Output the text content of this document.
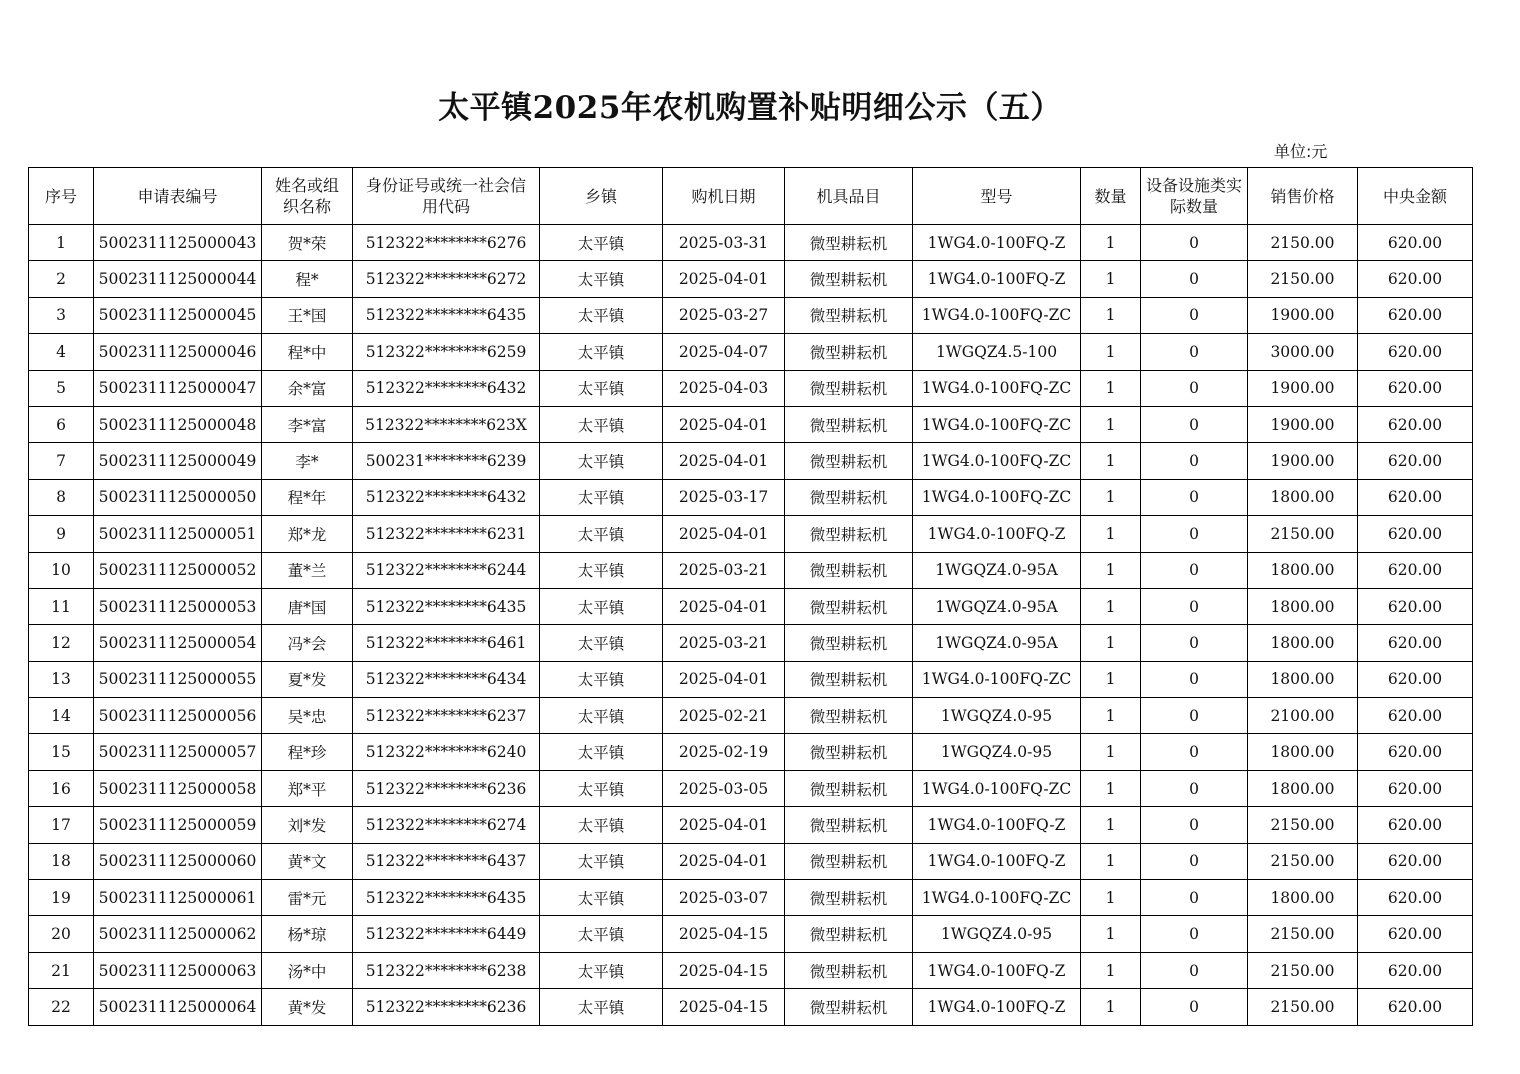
太平镇2025年农机购置补贴明细公示（五）
单位:元
序号	申请表编号	姓名或组织名称	身份证号或统一社会信用代码	乡镇	购机日期	机具品目	型号	数量	设备设施类实际数量	销售价格	中央金额
1	5002311125000043	贺*荣	512322********6276	太平镇	2025-03-31	微型耕耘机	1WG4.0-100FQ-Z	1	0	2150.00	620.00
2	5002311125000044	程*	512322********6272	太平镇	2025-04-01	微型耕耘机	1WG4.0-100FQ-Z	1	0	2150.00	620.00
3	5002311125000045	王*国	512322********6435	太平镇	2025-03-27	微型耕耘机	1WG4.0-100FQ-ZC	1	0	1900.00	620.00
4	5002311125000046	程*中	512322********6259	太平镇	2025-04-07	微型耕耘机	1WGQZ4.5-100	1	0	3000.00	620.00
5	5002311125000047	余*富	512322********6432	太平镇	2025-04-03	微型耕耘机	1WG4.0-100FQ-ZC	1	0	1900.00	620.00
6	5002311125000048	李*富	512322********623X	太平镇	2025-04-01	微型耕耘机	1WG4.0-100FQ-ZC	1	0	1900.00	620.00
7	5002311125000049	李*	500231********6239	太平镇	2025-04-01	微型耕耘机	1WG4.0-100FQ-ZC	1	0	1900.00	620.00
8	5002311125000050	程*年	512322********6432	太平镇	2025-03-17	微型耕耘机	1WG4.0-100FQ-ZC	1	0	1800.00	620.00
9	5002311125000051	郑*龙	512322********6231	太平镇	2025-04-01	微型耕耘机	1WG4.0-100FQ-Z	1	0	2150.00	620.00
10	5002311125000052	董*兰	512322********6244	太平镇	2025-03-21	微型耕耘机	1WGQZ4.0-95A	1	0	1800.00	620.00
11	5002311125000053	唐*国	512322********6435	太平镇	2025-04-01	微型耕耘机	1WGQZ4.0-95A	1	0	1800.00	620.00
12	5002311125000054	冯*会	512322********6461	太平镇	2025-03-21	微型耕耘机	1WGQZ4.0-95A	1	0	1800.00	620.00
13	5002311125000055	夏*发	512322********6434	太平镇	2025-04-01	微型耕耘机	1WG4.0-100FQ-ZC	1	0	1800.00	620.00
14	5002311125000056	吴*忠	512322********6237	太平镇	2025-02-21	微型耕耘机	1WGQZ4.0-95	1	0	2100.00	620.00
15	5002311125000057	程*珍	512322********6240	太平镇	2025-02-19	微型耕耘机	1WGQZ4.0-95	1	0	1800.00	620.00
16	5002311125000058	郑*平	512322********6236	太平镇	2025-03-05	微型耕耘机	1WG4.0-100FQ-ZC	1	0	1800.00	620.00
17	5002311125000059	刘*发	512322********6274	太平镇	2025-04-01	微型耕耘机	1WG4.0-100FQ-Z	1	0	2150.00	620.00
18	5002311125000060	黄*文	512322********6437	太平镇	2025-04-01	微型耕耘机	1WG4.0-100FQ-Z	1	0	2150.00	620.00
19	5002311125000061	雷*元	512322********6435	太平镇	2025-03-07	微型耕耘机	1WG4.0-100FQ-ZC	1	0	1800.00	620.00
20	5002311125000062	杨*琼	512322********6449	太平镇	2025-04-15	微型耕耘机	1WGQZ4.0-95	1	0	2150.00	620.00
21	5002311125000063	汤*中	512322********6238	太平镇	2025-04-15	微型耕耘机	1WG4.0-100FQ-Z	1	0	2150.00	620.00
22	5002311125000064	黄*发	512322********6236	太平镇	2025-04-15	微型耕耘机	1WG4.0-100FQ-Z	1	0	2150.00	620.00
